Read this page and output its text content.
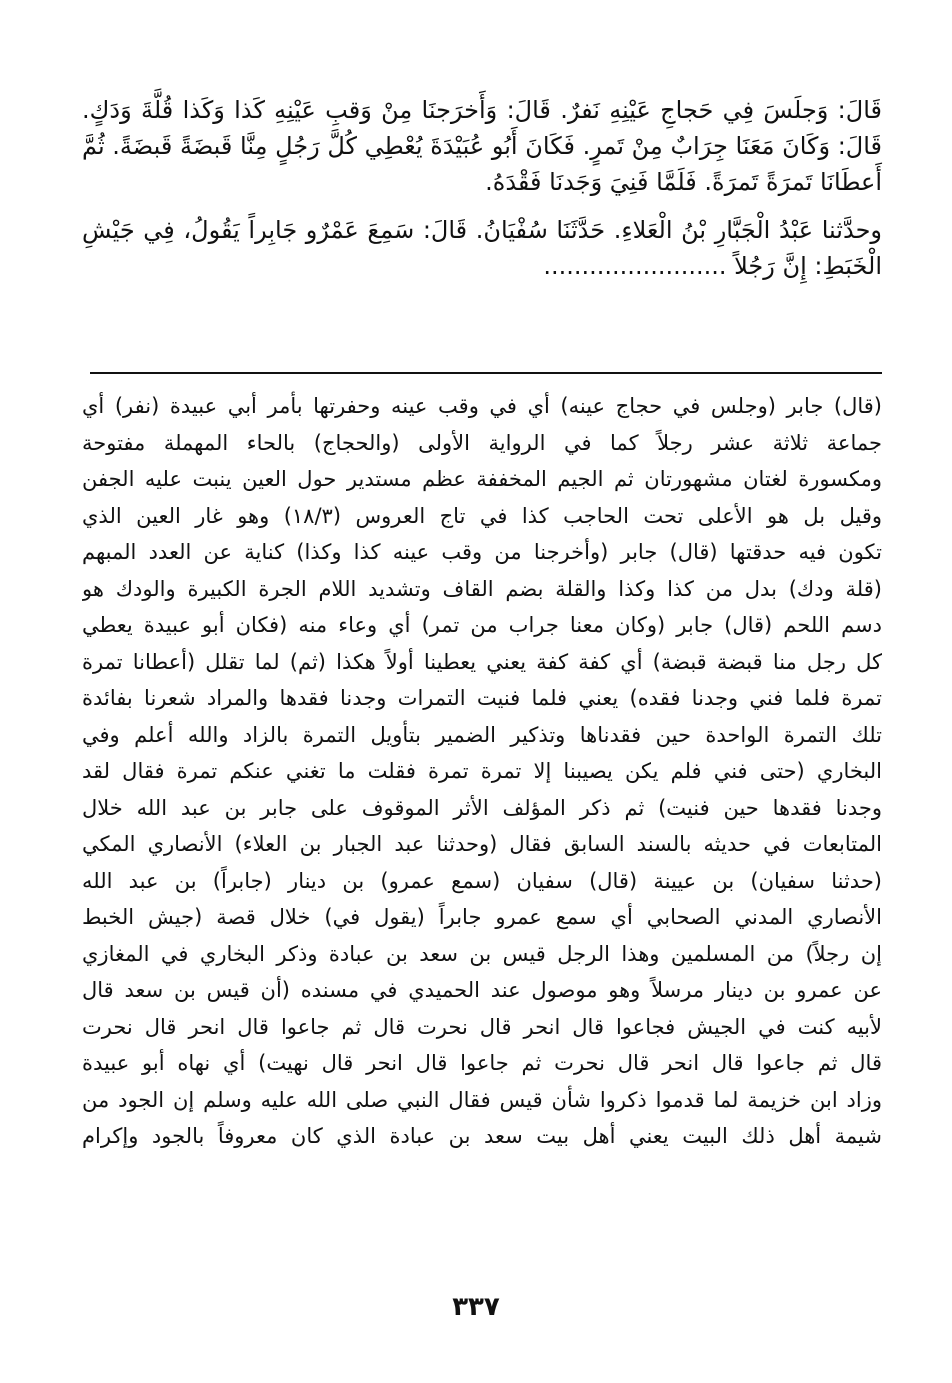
قَالَ: وَجلَسَ فِي حَجاجِ عَيْنِهِ نَفرٌ. قَالَ: وَأَخرَجنَا مِنْ وَقبِ عَيْنِهِ كَذا وَكَذا قُلَّةَ وَدَكٍ. قَالَ: وَكَانَ مَعَنَا جِرَابٌ مِنْ تَمرٍ. فَكَانَ أَبُو عُبَيْدَةَ يُعْطِي كُلَّ رَجُلٍ مِنَّا قَبضَةً قَبضَةً. ثُمَّ أَعطَانَا تَمرَةً تَمرَةً. فَلَمَّا فَنِيَ وَجَدنَا فَقْدَهُ.

وحدَّثنا عَبْدُ الْجَبَّارِ بْنُ الْعَلاءِ. حَدَّثَنَا سُفْيَانُ. قَالَ: سَمِعَ عَمْرٌو جَابِراً يَقُولُ، فِي جَيْشِ الْخَبَطِ: إِنَّ رَجُلاً ........................

(قال) جابر (وجلس في حجاج عينه) أي في وقب عينه وحفرتها بأمر أبي عبيدة (نفر) أي
جماعة ثلاثة عشر رجلاً كما في الرواية الأولى (والحجاج) بالحاء المهملة مفتوحة
ومكسورة لغتان مشهورتان ثم الجيم المخففة عظم مستدير حول العين ينبت عليه الجفن
وقيل بل هو الأعلى تحت الحاجب كذا في تاج العروس (١٨/٣) وهو غار العين الذي
تكون فيه حدقتها (قال) جابر (وأخرجنا من وقب عينه كذا وكذا) كناية عن العدد المبهم
(قلة ودك) بدل من كذا وكذا والقلة بضم القاف وتشديد اللام الجرة الكبيرة والودك هو
دسم اللحم (قال) جابر (وكان معنا جراب من تمر) أي وعاء منه (فكان أبو عبيدة يعطي
كل رجل منا قبضة قبضة) أي كفة كفة يعني يعطينا أولاً هكذا (ثم) لما تقلل (أعطانا تمرة
تمرة فلما فني وجدنا فقده) يعني فلما فنيت التمرات وجدنا فقدها والمراد شعرنا بفائدة
تلك التمرة الواحدة حين فقدناها وتذكير الضمير بتأويل التمرة بالزاد والله أعلم وفي
البخاري (حتى فني فلم يكن يصيبنا إلا تمرة تمرة فقلت ما تغني عنكم تمرة فقال لقد
وجدنا فقدها حين فنيت) ثم ذكر المؤلف الأثر الموقوف على جابر بن عبد الله خلال
المتابعات في حديثه بالسند السابق فقال (وحدثنا عبد الجبار بن العلاء) الأنصاري المكي
(حدثنا سفيان) بن عيينة (قال) سفيان (سمع عمرو) بن دينار (جابراً) بن عبد الله
الأنصاري المدني الصحابي أي سمع عمرو جابراً (يقول في) خلال قصة (جيش الخبط
إن رجلاً) من المسلمين وهذا الرجل قيس بن سعد بن عبادة وذكر البخاري في المغازي
عن عمرو بن دينار مرسلاً وهو موصول عند الحميدي في مسنده (أن قيس بن سعد قال
لأبيه كنت في الجيش فجاعوا قال انحر قال نحرت قال ثم جاعوا قال انحر قال نحرت
قال ثم جاعوا قال انحر قال نحرت ثم جاعوا قال انحر قال نهيت) أي نهاه أبو عبيدة
وزاد ابن خزيمة لما قدموا ذكروا شأن قيس فقال النبي صلى الله عليه وسلم إن الجود من
شيمة أهل ذلك البيت يعني أهل بيت سعد بن عبادة الذي كان معروفاً بالجود وإكرام
٣٣٧
